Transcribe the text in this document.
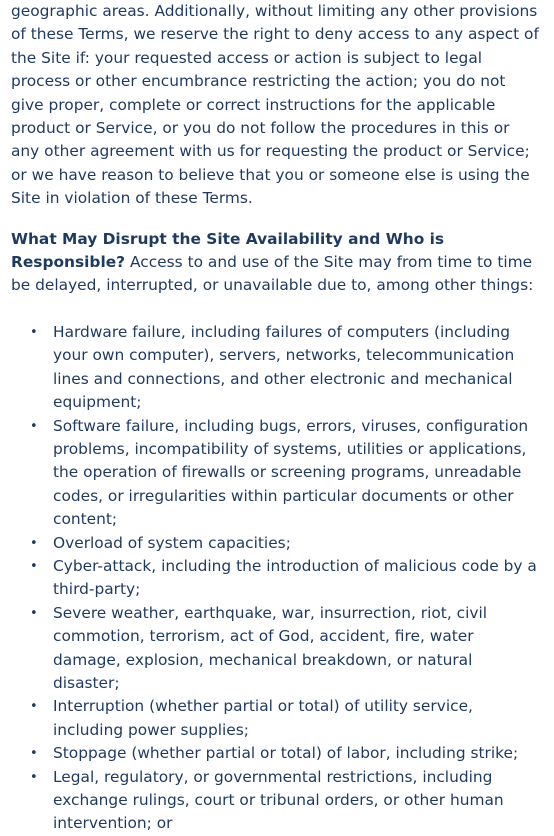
geographic areas. Additionally, without limiting any other provisions of these Terms, we reserve the right to deny access to any aspect of the Site if: your requested access or action is subject to legal process or other encumbrance restricting the action; you do not give proper, complete or correct instructions for the applicable product or Service, or you do not follow the procedures in this or any other agreement with us for requesting the product or Service; or we have reason to believe that you or someone else is using the Site in violation of these Terms.

What May Disrupt the Site Availability and Who is Responsible? Access to and use of the Site may from time to time be delayed, interrupted, or unavailable due to, among other things:

• Hardware failure, including failures of computers (including your own computer), servers, networks, telecommunication lines and connections, and other electronic and mechanical equipment;
• Software failure, including bugs, errors, viruses, configuration problems, incompatibility of systems, utilities or applications, the operation of firewalls or screening programs, unreadable codes, or irregularities within particular documents or other content;
• Overload of system capacities;
• Cyber-attack, including the introduction of malicious code by a third-party;
• Severe weather, earthquake, war, insurrection, riot, civil commotion, terrorism, act of God, accident, fire, water damage, explosion, mechanical breakdown, or natural disaster;
• Interruption (whether partial or total) of utility service, including power supplies;
• Stoppage (whether partial or total) of labor, including strike;
• Legal, regulatory, or governmental restrictions, including exchange rulings, court or tribunal orders, or other human intervention; or
